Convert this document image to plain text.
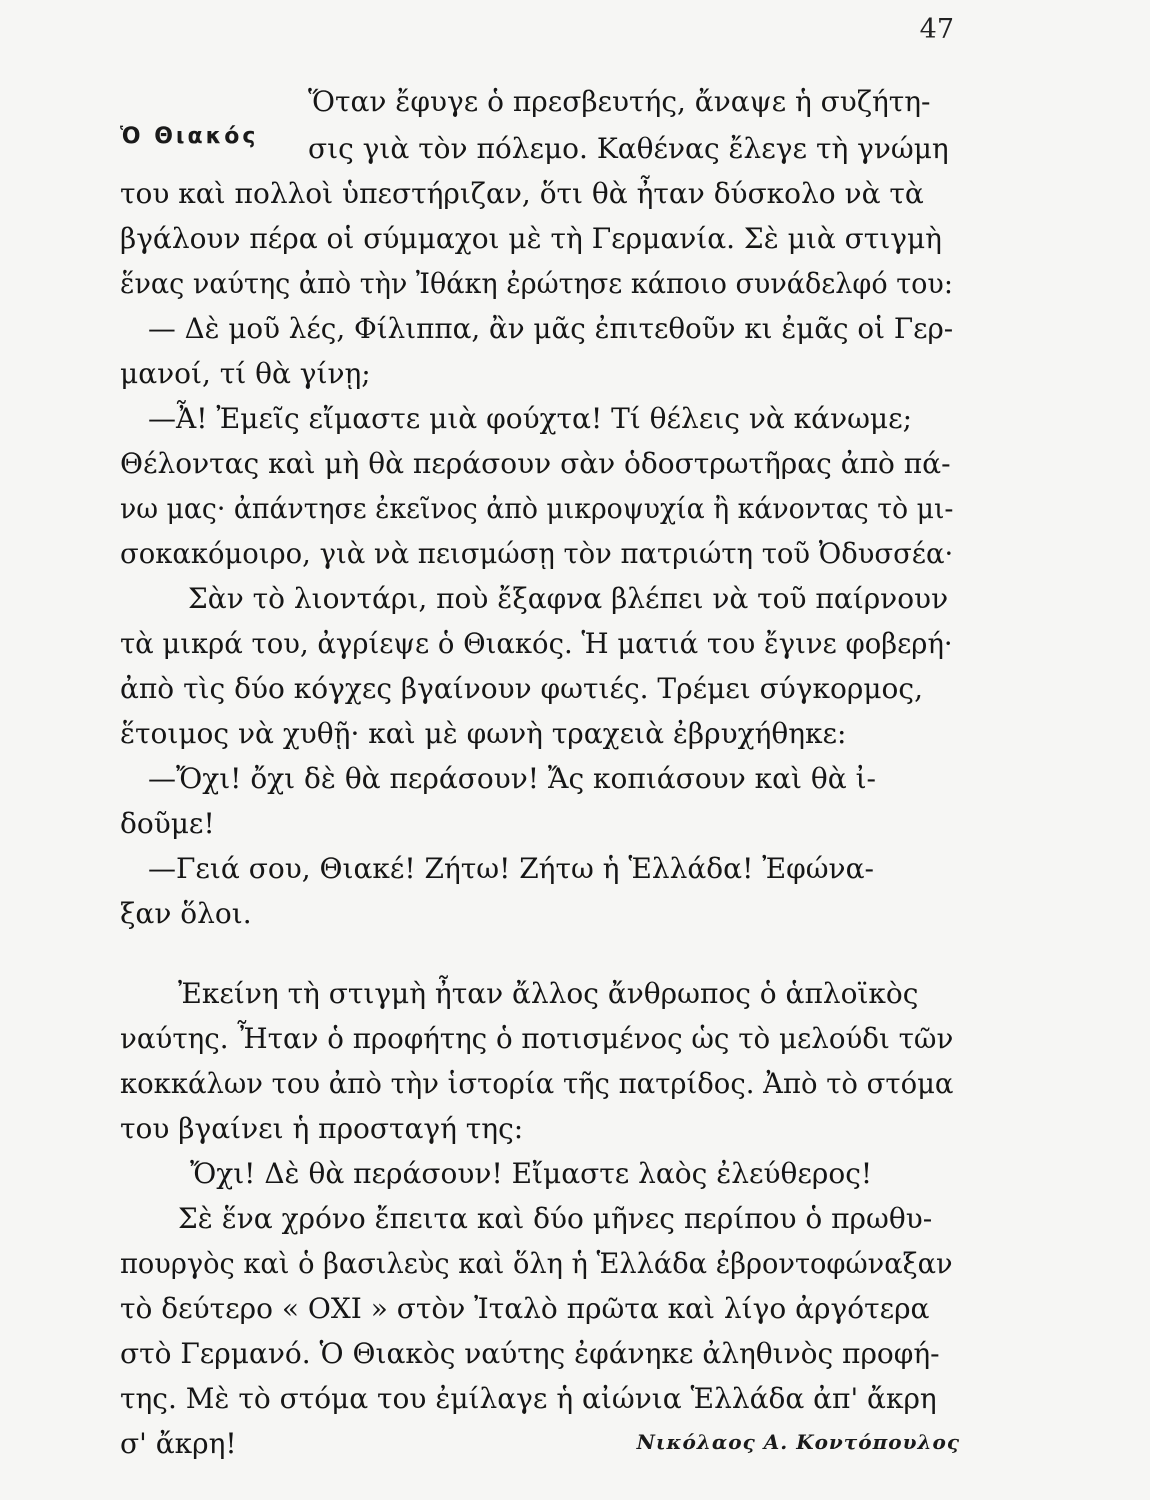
47
Ὁ Θιακός
Ὅταν ἔφυγε ὁ πρεσβευτής, ἄναψε ἡ συζήτη-
σις γιὰ τὸν πόλεμο. Καθένας ἔλεγε τὴ γνώμη
του καὶ πολλοὶ ὑπεστήριζαν, ὅτι θὰ ἦταν δύσκολο νὰ τὰ
βγάλουν πέρα οἱ σύμμαχοι μὲ τὴ Γερμανία. Σὲ μιὰ στιγμὴ
ἕνας ναύτης ἀπὸ τὴν Ἰθάκη ἐρώτησε κάποιο συνάδελφό του:
— Δὲ μοῦ λές, Φίλιππα, ἂν μᾶς ἐπιτεθοῦν κι ἐμᾶς οἱ Γερ-
μανοί, τί θὰ γίνῃ;
—Ἆ! Ἐμεῖς εἴμαστε μιὰ φούχτα! Τί θέλεις νὰ κάνωμε;
Θέλοντας καὶ μὴ θὰ περάσουν σὰν ὁδοστρωτῆρας ἀπὸ πά-
νω μας· ἀπάντησε ἐκεῖνος ἀπὸ μικροψυχία ἢ κάνοντας τὸ μι-
σοκακόμοιρο, γιὰ νὰ πεισμώσῃ τὸν πατριώτη τοῦ Ὀδυσσέα·
Σὰν τὸ λιοντάρι, ποὺ ἔξαφνα βλέπει νὰ τοῦ παίρνουν
τὰ μικρά του, ἀγρίεψε ὁ Θιακός. Ἡ ματιά του ἔγινε φοβερή·
ἀπὸ τὶς δύο κόγχες βγαίνουν φωτιές. Τρέμει σύγκορμος,
ἕτοιμος νὰ χυθῇ· καὶ μὲ φωνὴ τραχειὰ ἐβρυχήθηκε:
—Ὄχι! ὄχι δὲ θὰ περάσουν! Ἄς κοπιάσουν καὶ θὰ ἰ-
δοῦμε!
—Γειά σου, Θιακέ! Ζήτω! Ζήτω ἡ Ἑλλάδα! Ἐφώνα-
ξαν ὅλοι.
Ἐκείνη τὴ στιγμὴ ἦταν ἄλλος ἄνθρωπος ὁ ἁπλοϊκὸς
ναύτης. Ἦταν ὁ προφήτης ὁ ποτισμένος ὡς τὸ μελούδι τῶν
κοκκάλων του ἀπὸ τὴν ἱστορία τῆς πατρίδος. Ἀπὸ τὸ στόμα
του βγαίνει ἡ προσταγή της:
Ὄχι! Δὲ θὰ περάσουν! Εἴμαστε λαὸς ἐλεύθερος!
Σὲ ἕνα χρόνο ἔπειτα καὶ δύο μῆνες περίπου ὁ πρωθυ-
πουργὸς καὶ ὁ βασιλεὺς καὶ ὅλη ἡ Ἑλλάδα ἐβροντοφώναξαν
τὸ δεύτερο « ΟΧΙ » στὸν Ἰταλὸ πρῶτα καὶ λίγο ἀργότερα
στὸ Γερμανό. Ὁ Θιακὸς ναύτης ἐφάνηκε ἀληθινὸς προφή-
της. Μὲ τὸ στόμα του ἐμίλαγε ἡ αἰώνια Ἑλλάδα ἀπ' ἄκρη
σ' ἄκρη!	Νικόλαος Α. Κοντόπουλος
